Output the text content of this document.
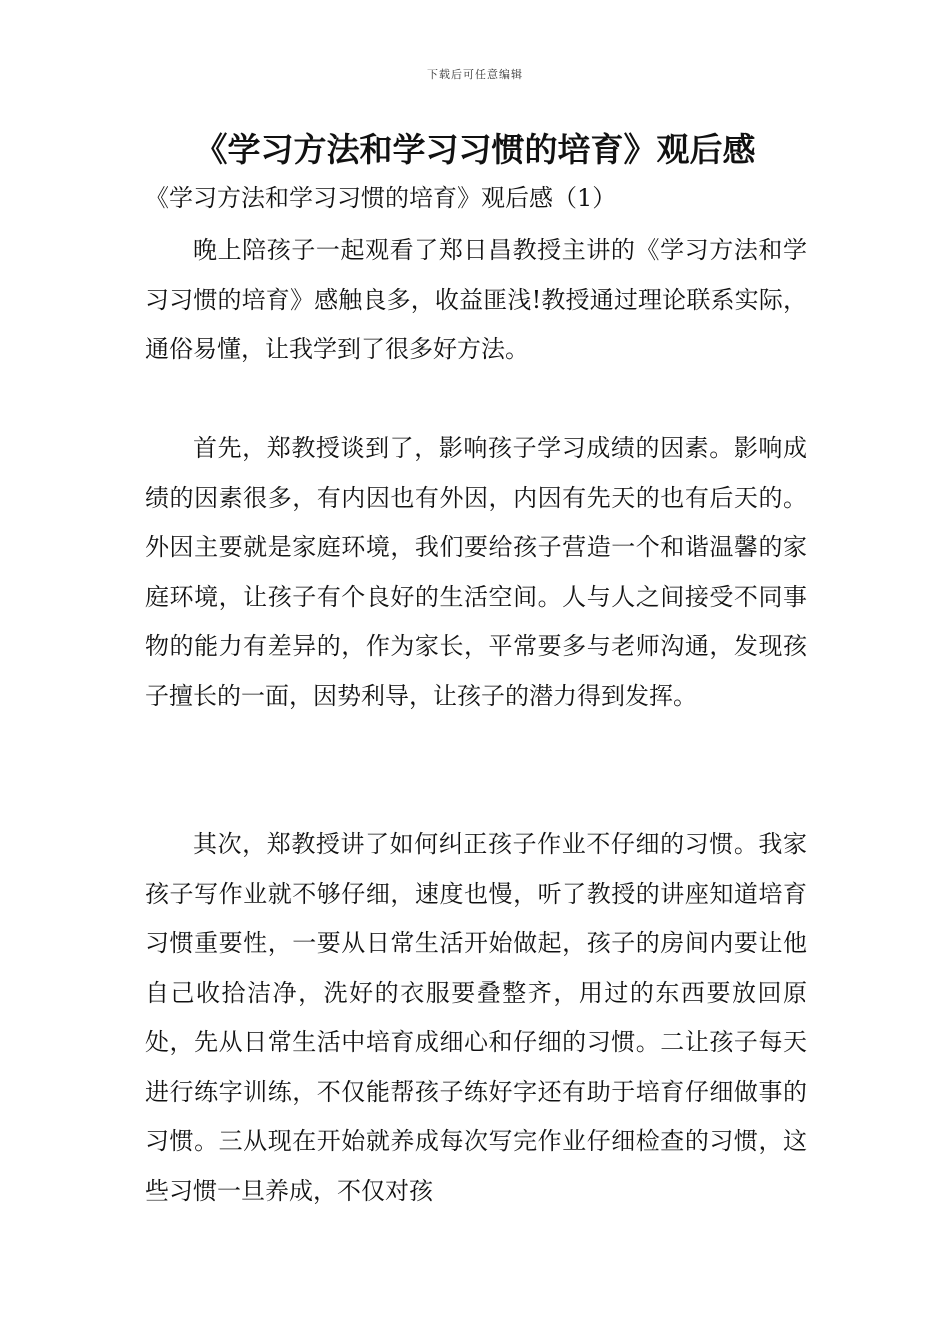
下载后可任意编辑
《学习方法和学习习惯的培育》观后感
《学习方法和学习习惯的培育》观后感（1）

晚上陪孩子一起观看了郑日昌教授主讲的《学习方法和学习习惯的培育》感触良多，收益匪浅!教授通过理论联系实际，通俗易懂，让我学到了很多好方法。

首先，郑教授谈到了，影响孩子学习成绩的因素。影响成绩的因素很多，有内因也有外因，内因有先天的也有后天的。外因主要就是家庭环境，我们要给孩子营造一个和谐温馨的家庭环境，让孩子有个良好的生活空间。人与人之间接受不同事物的能力有差异的，作为家长，平常要多与老师沟通，发现孩子擅长的一面，因势利导，让孩子的潜力得到发挥。

其次，郑教授讲了如何纠正孩子作业不仔细的习惯。我家孩子写作业就不够仔细，速度也慢，听了教授的讲座知道培育习惯重要性，一要从日常生活开始做起，孩子的房间内要让他自己收拾洁净，洗好的衣服要叠整齐，用过的东西要放回原处，先从日常生活中培育成细心和仔细的习惯。二让孩子每天进行练字训练，不仅能帮孩子练好字还有助于培育仔细做事的习惯。三从现在开始就养成每次写完作业仔细检查的习惯，这些习惯一旦养成，不仅对孩
